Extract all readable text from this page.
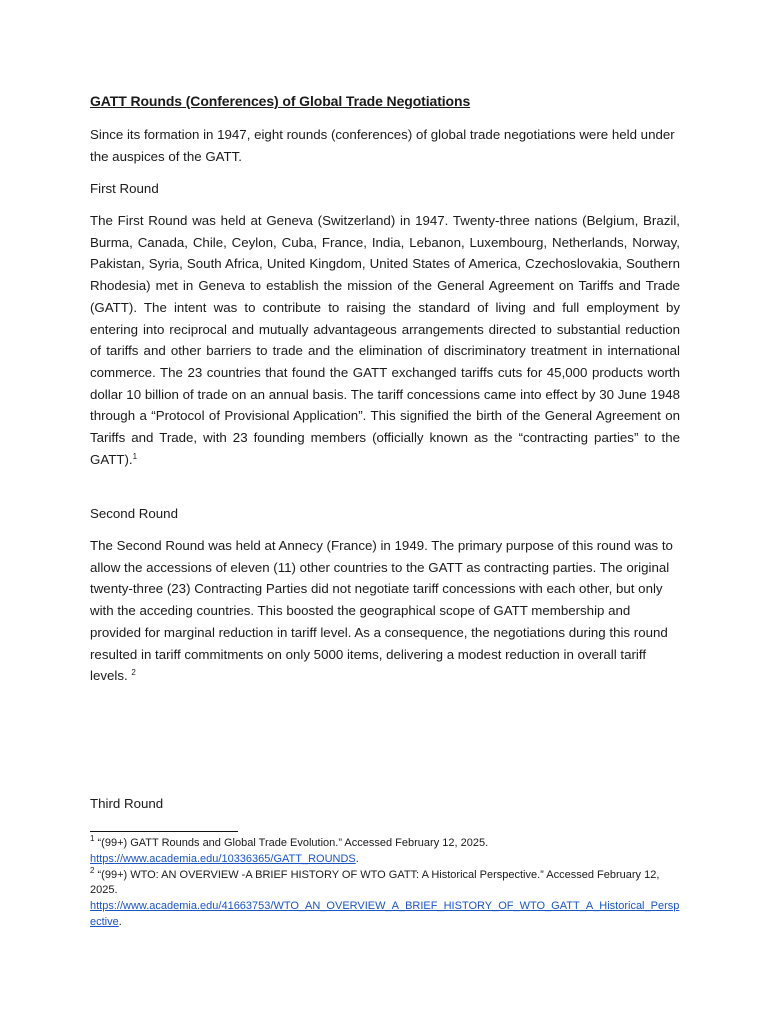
GATT Rounds (Conferences) of Global Trade Negotiations

Since its formation in 1947, eight rounds (conferences) of global trade negotiations were held under the auspices of the GATT.

First Round

The First Round was held at Geneva (Switzerland) in 1947. Twenty-three nations (Belgium, Brazil, Burma, Canada, Chile, Ceylon, Cuba, France, India, Lebanon, Luxembourg, Netherlands, Norway, Pakistan, Syria, South Africa, United Kingdom, United States of America, Czechoslovakia, Southern Rhodesia) met in Geneva to establish the mission of the General Agreement on Tariffs and Trade (GATT). The intent was to contribute to raising the standard of living and full employment by entering into reciprocal and mutually advantageous arrangements directed to substantial reduction of tariffs and other barriers to trade and the elimination of discriminatory treatment in international commerce. The 23 countries that found the GATT exchanged tariffs cuts for 45,000 products worth dollar 10 billion of trade on an annual basis. The tariff concessions came into effect by 30 June 1948 through a “Protocol of Provisional Application”. This signified the birth of the General Agreement on Tariffs and Trade, with 23 founding members (officially known as the “contracting parties” to the GATT).$^1$

Second Round

The Second Round was held at Annecy (France) in 1949. The primary purpose of this round was to allow the accessions of eleven (11) other countries to the GATT as contracting parties. The original twenty-three (23) Contracting Parties did not negotiate tariff concessions with each other, but only with the acceding countries. This boosted the geographical scope of GATT membership and provided for marginal reduction in tariff level. As a consequence, the negotiations during this round resulted in tariff commitments on only 5000 items, delivering a modest reduction in overall tariff levels. $^2$

Third Round

$^1$ “(99+) GATT Rounds and Global Trade Evolution.” Accessed February 12, 2025.
https://www.academia.edu/10336365/GATT_ROUNDS.

$^2$ “(99+) WTO: AN OVERVIEW -A BRIEF HISTORY OF WTO GATT: A Historical Perspective.” Accessed February 12, 2025.
https://www.academia.edu/41663753/WTO_AN_OVERVIEW_A_BRIEF_HISTORY_OF_WTO_GATT_A_Historical_Perspective.
